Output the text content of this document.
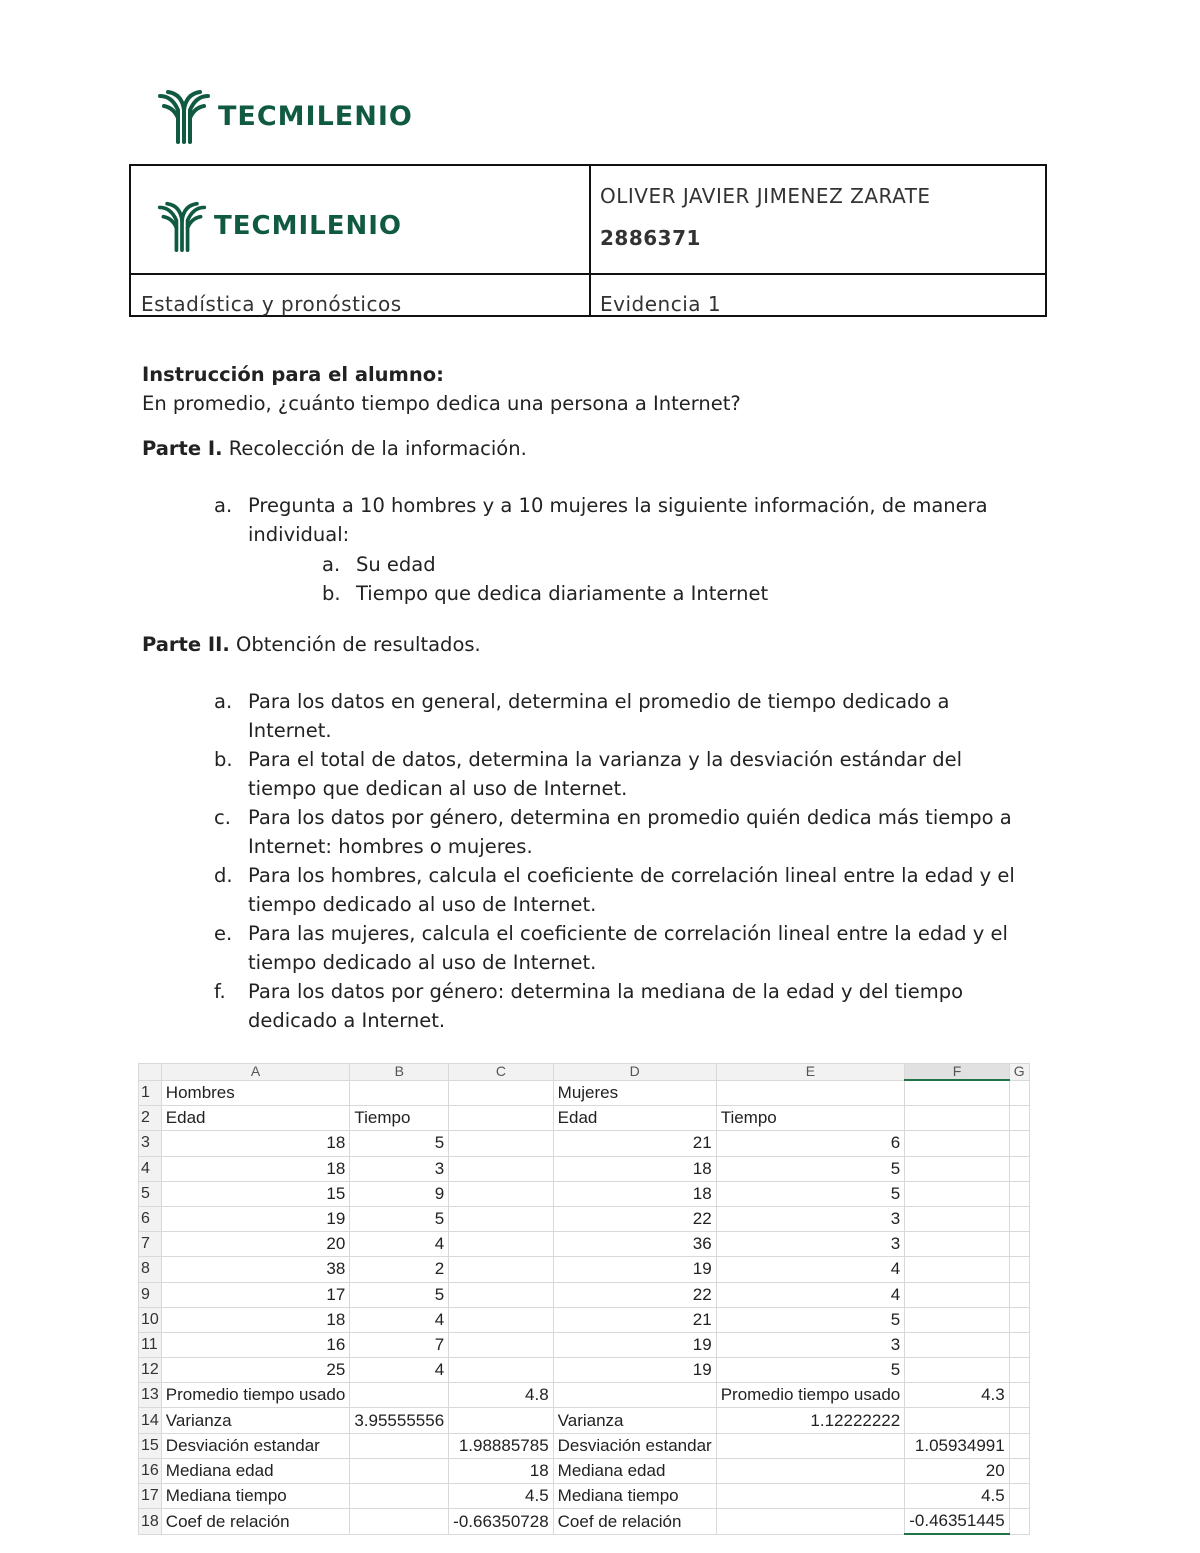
TECMILENIO
OLIVER JAVIER JIMENEZ ZARATE
2886371
Estadística y pronósticos	Evidencia 1
TECMILENIO

Instrucción para el alumno:

En promedio, ¿cuánto tiempo dedica una persona a Internet?

Parte I. Recolección de la información.

a. Pregunta a 10 hombres y a 10 mujeres la siguiente información, de manera
individual:
a. Su edad
b. Tiempo que dedica diariamente a Internet

Parte II. Obtención de resultados.

a. Para los datos en general, determina el promedio de tiempo dedicado a
Internet.
b. Para el total de datos, determina la varianza y la desviación estándar del
tiempo que dedican al uso de Internet.
c. Para los datos por género, determina en promedio quién dedica más tiempo a
Internet: hombres o mujeres.
d. Para los hombres, calcula el coeficiente de correlación lineal entre la edad y el
tiempo dedicado al uso de Internet.
e. Para las mujeres, calcula el coeficiente de correlación lineal entre la edad y el
tiempo dedicado al uso de Internet.
f. Para los datos por género: determina la mediana de la edad y del tiempo
dedicado a Internet.
	A	B	C	D	E	F	G
1	Hombres			Mujeres			
2	Edad	Tiempo		Edad	Tiempo		
3	18	5		21	6		
4	18	3		18	5		
5	15	9		18	5		
6	19	5		22	3		
7	20	4		36	3		
8	38	2		19	4		
9	17	5		22	4		
10	18	4		21	5		
11	16	7		19	3		
12	25	4		19	5		
13	Promedio tiempo usado		4.8		Promedio tiempo usado	4.3	
14	Varianza	3.95555556		Varianza	1.12222222		
15	Desviación estandar		1.98885785	Desviación estandar		1.05934991	
16	Mediana edad		18	Mediana edad		20	
17	Mediana tiempo		4.5	Mediana tiempo		4.5	
18	Coef de relación		-0.66350728	Coef de relación		-0.46351445	
